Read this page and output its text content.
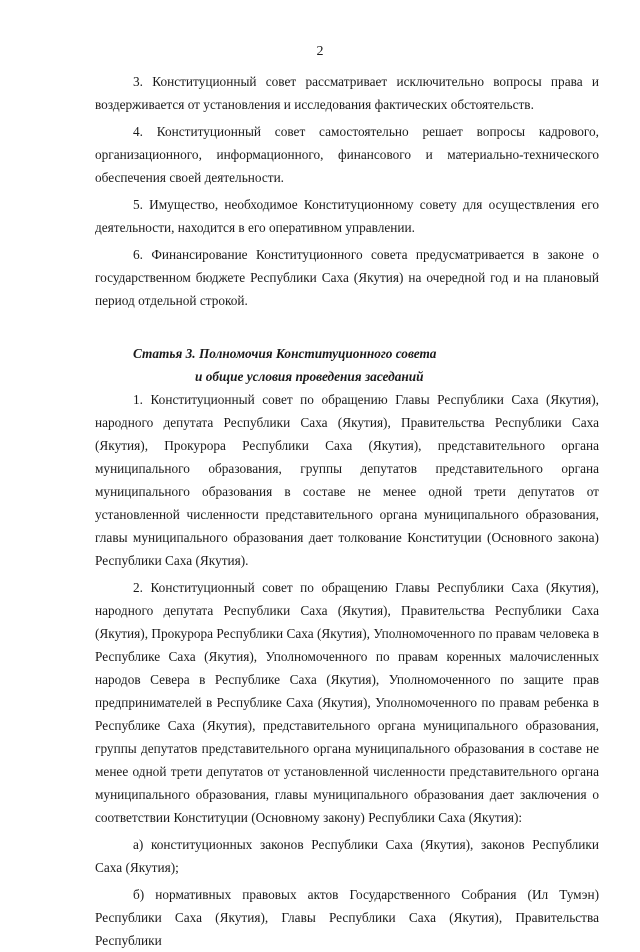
2

3. Конституционный совет рассматривает исключительно вопросы права и воздерживается от установления и исследования фактических обстоятельств.

4. Конституционный совет самостоятельно решает вопросы кадрового, организационного, информационного, финансового и материально-технического обеспечения своей деятельности.

5. Имущество, необходимое Конституционному совету для осуществления его деятельности, находится в его оперативном управлении.

6. Финансирование Конституционного совета предусматривается в законе о государственном бюджете Республики Саха (Якутия) на очередной год и на плановый период отдельной строкой.

Статья 3. Полномочия Конституционного совета
и общие условия проведения заседаний

1. Конституционный совет по обращению Главы Республики Саха (Якутия), народного депутата Республики Саха (Якутия), Правительства Республики Саха (Якутия), Прокурора Республики Саха (Якутия), представительного органа муниципального образования, группы депутатов представительного органа муниципального образования в составе не менее одной трети депутатов от установленной численности представительного органа муниципального образования, главы муниципального образования дает толкование Конституции (Основного закона) Республики Саха (Якутия).

2. Конституционный совет по обращению Главы Республики Саха (Якутия), народного депутата Республики Саха (Якутия), Правительства Республики Саха (Якутия), Прокурора Республики Саха (Якутия), Уполномоченного по правам человека в Республике Саха (Якутия), Уполномоченного по правам коренных малочисленных народов Севера в Республике Саха (Якутия), Уполномоченного по защите прав предпринимателей в Республике Саха (Якутия), Уполномоченного по правам ребенка в Республике Саха (Якутия), представительного органа муниципального образования, группы депутатов представительного органа муниципального образования в составе не менее одной трети депутатов от установленной численности представительного органа муниципального образования, главы муниципального образования дает заключения о соответствии Конституции (Основному закону) Республики Саха (Якутия):

а) конституционных законов Республики Саха (Якутия), законов Республики Саха (Якутия);

б) нормативных правовых актов Государственного Собрания (Ил Тумэн) Республики Саха (Якутия), Главы Республики Саха (Якутия), Правительства Республики
